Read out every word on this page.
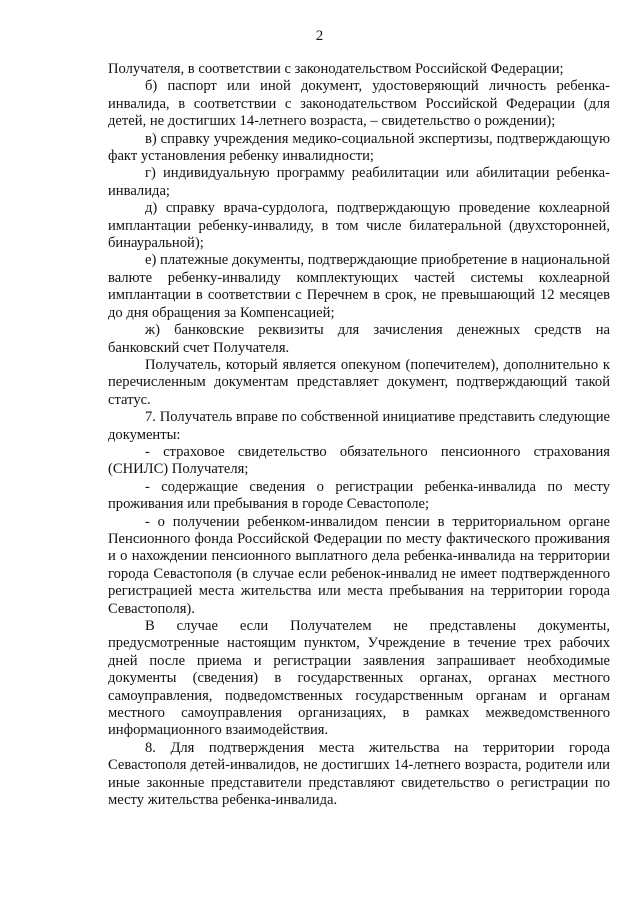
2

Получателя, в соответствии с законодательством Российской Федерации;

б) паспорт или иной документ, удостоверяющий личность ребенка-инвалида, в соответствии с законодательством Российской Федерации (для детей, не достигших 14-летнего возраста, – свидетельство о рождении);

в) справку учреждения медико-социальной экспертизы, подтверждающую факт установления ребенку инвалидности;

г) индивидуальную программу реабилитации или абилитации ребенка-инвалида;

д) справку врача-сурдолога, подтверждающую проведение кохлеарной имплантации ребенку-инвалиду, в том числе билатеральной (двухсторонней, бинауральной);

е) платежные документы, подтверждающие приобретение в национальной валюте ребенку-инвалиду комплектующих частей системы кохлеарной имплантации в соответствии с Перечнем в срок, не превышающий 12 месяцев до дня обращения за Компенсацией;

ж) банковские реквизиты для зачисления денежных средств на банковский счет Получателя.

Получатель, который является опекуном (попечителем), дополнительно к перечисленным документам представляет документ, подтверждающий такой статус.

7. Получатель вправе по собственной инициативе представить следующие документы:

- страховое свидетельство обязательного пенсионного страхования (СНИЛС) Получателя;

- содержащие сведения о регистрации ребенка-инвалида по месту проживания или пребывания в городе Севастополе;

- о получении ребенком-инвалидом пенсии в территориальном органе Пенсионного фонда Российской Федерации по месту фактического проживания и о нахождении пенсионного выплатного дела ребенка-инвалида на территории города Севастополя (в случае если ребенок-инвалид не имеет подтвержденного регистрацией места жительства или места пребывания на территории города Севастополя).

В случае если Получателем не представлены документы, предусмотренные настоящим пунктом, Учреждение в течение трех рабочих дней после приема и регистрации заявления запрашивает необходимые документы (сведения) в государственных органах, органах местного самоуправления, подведомственных государственным органам и органам местного самоуправления организациях, в рамках межведомственного информационного взаимодействия.

8. Для подтверждения места жительства на территории города Севастополя детей-инвалидов, не достигших 14-летнего возраста, родители или иные законные представители представляют свидетельство о регистрации по месту жительства ребенка-инвалида.
